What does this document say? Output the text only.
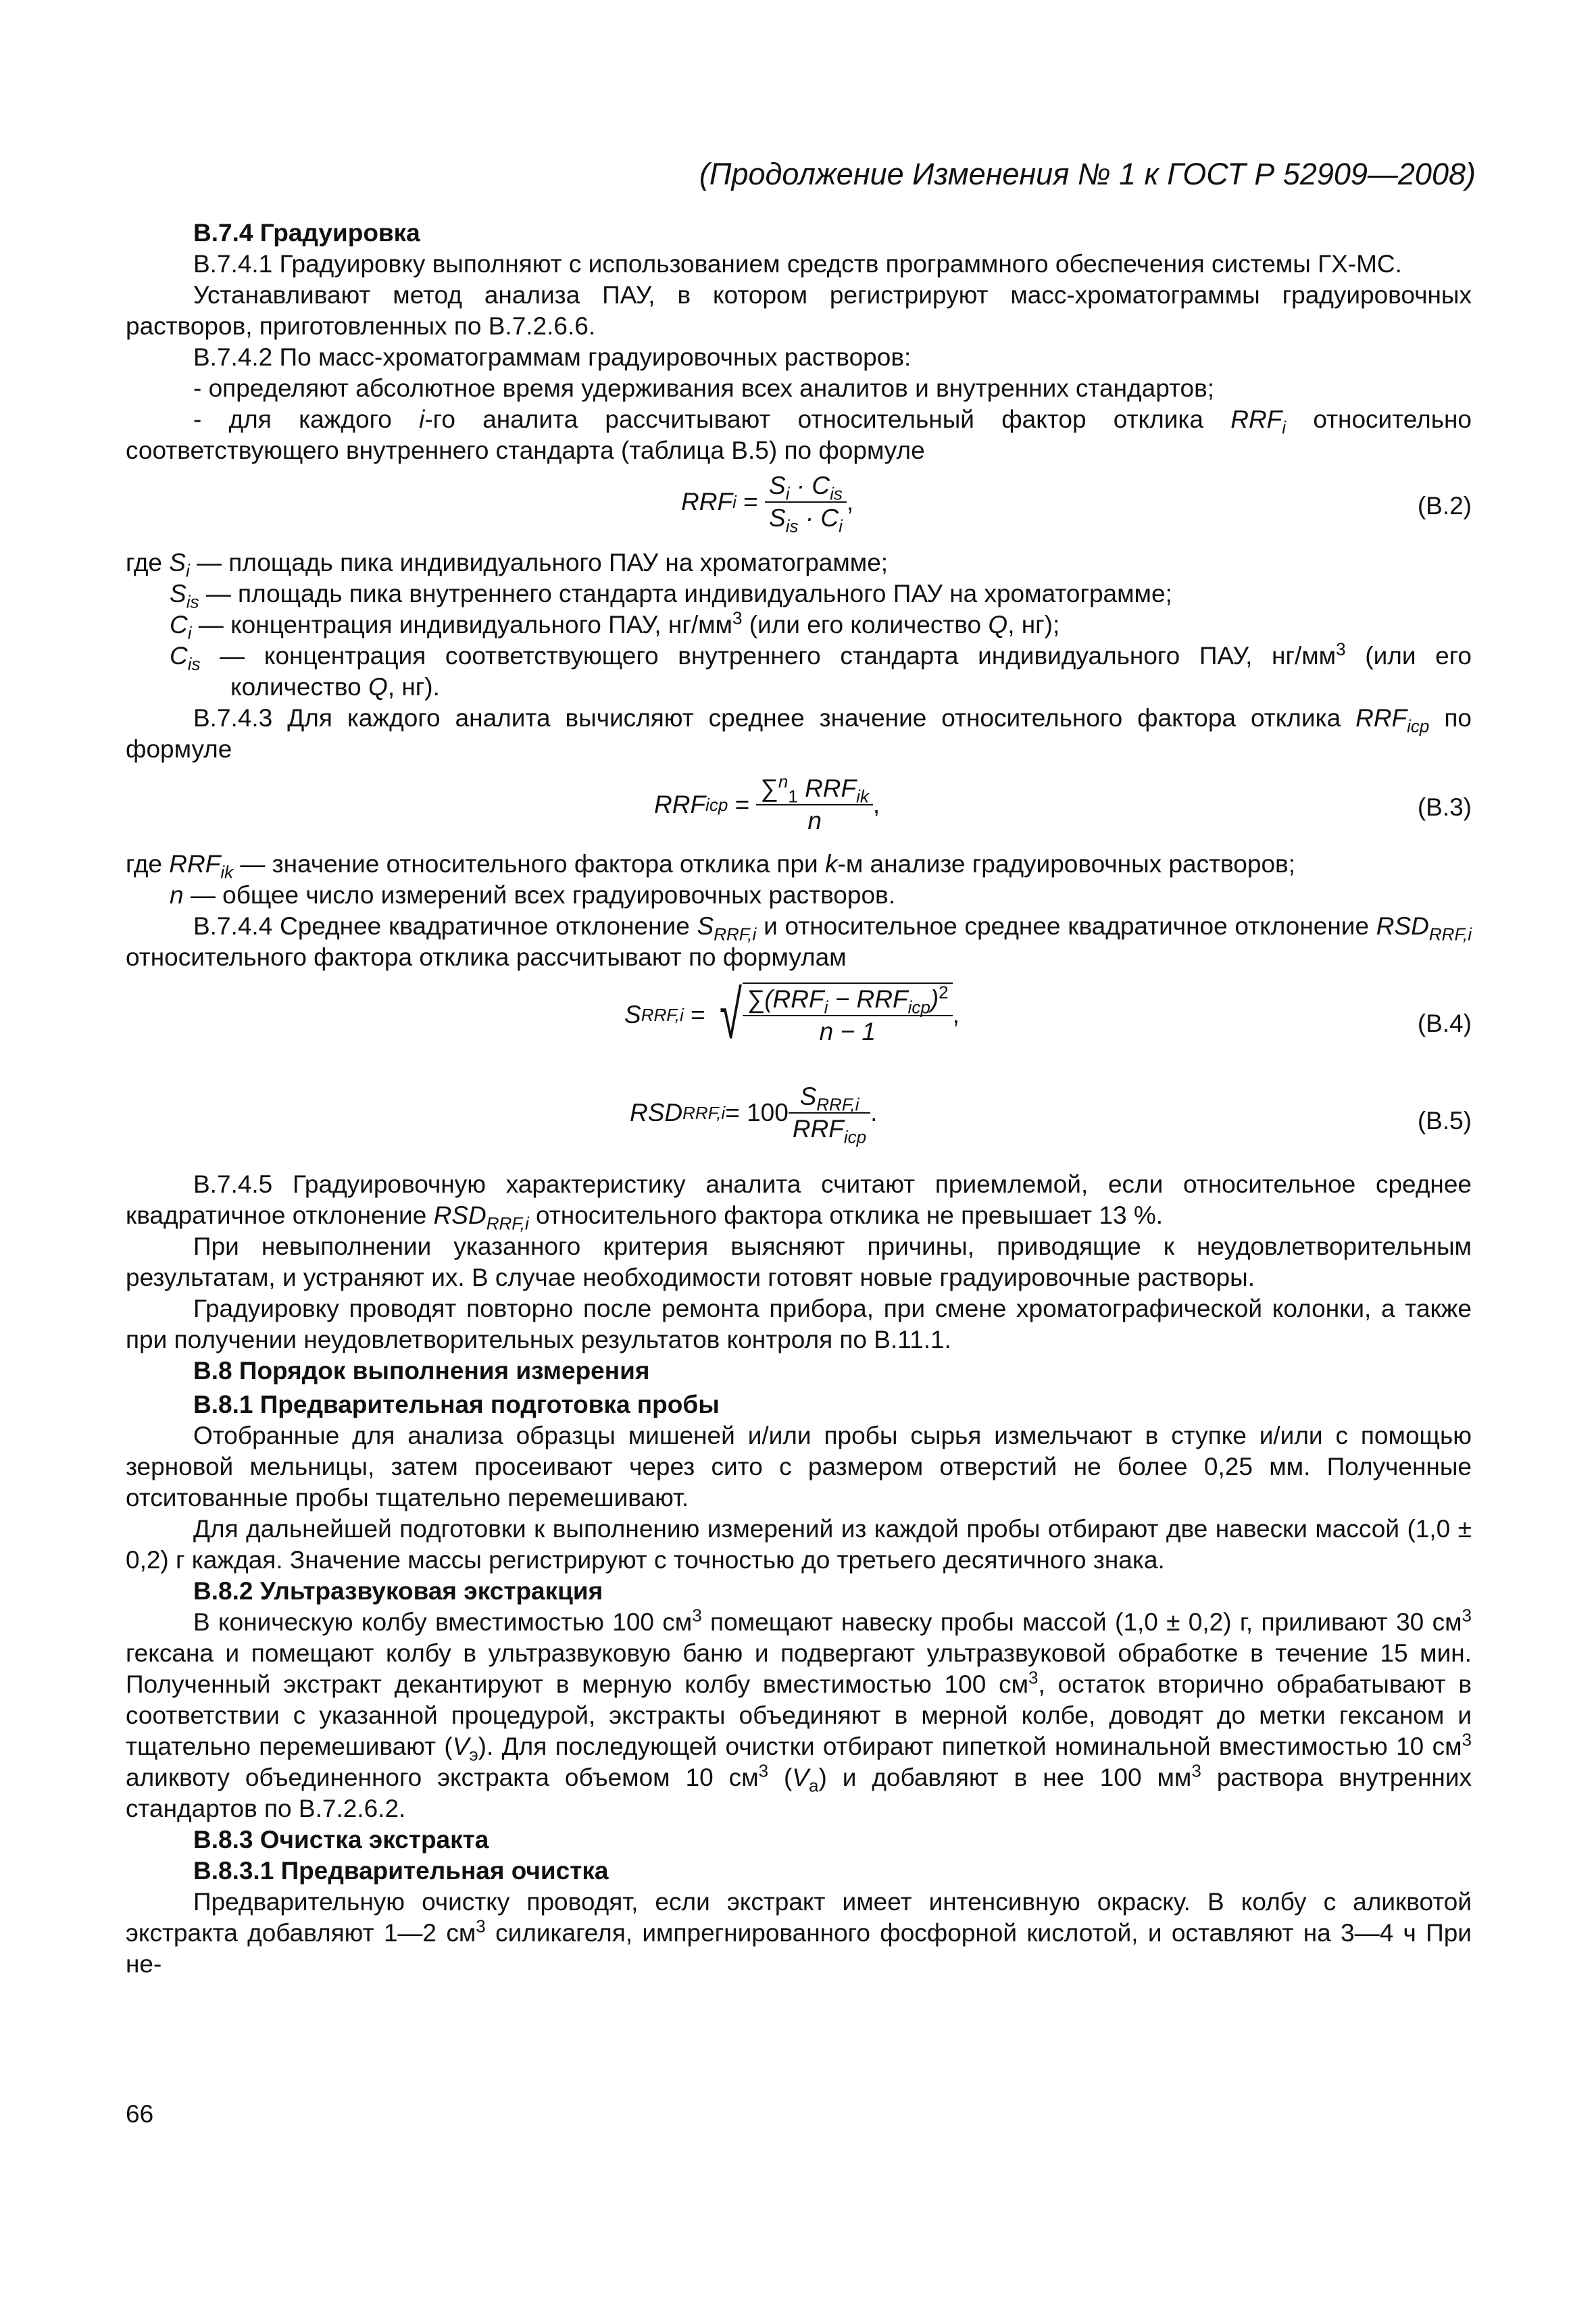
(Продолжение Изменения № 1 к ГОСТ Р 52909—2008)

В.7.4 Градуировка

В.7.4.1 Градуировку выполняют с использованием средств программного обеспечения системы ГХ-МС.

Устанавливают метод анализа ПАУ, в котором регистрируют масс-хроматограммы градуировочных растворов, приготовленных по В.7.2.6.6.

В.7.4.2 По масс-хроматограммам градуировочных растворов:

- определяют абсолютное время удерживания всех аналитов и внутренних стандартов;

- для каждого i-го аналита рассчитывают относительный фактор отклика $RRF_i$ относительно соответствующего внутреннего стандарта (таблица В.5) по формуле

RRF $i = \frac{S_i \cdot C_{is}}{S_{is} \cdot C_i}$ ,	(В.2)

где $S_i$ — площадь пика индивидуального ПАУ на хроматограмме;

$S_{is}$ — площадь пика внутреннего стандарта индивидуального ПАУ на хроматограмме;

$C_i$ — концентрация индивидуального ПАУ, $нг/мм^3$ (или его количество Q, нг);

$C_{is}$ — концентрация соответствующего внутреннего стандарта индивидуального ПАУ, $нг/мм^3$ (или его количество Q, нг).

В.7.4.3 Для каждого аналита вычисляют среднее значение относительного фактора отклика $RRF_{icp}$ по формуле

RRF icp = $\frac{\sum^n_1 RRF_{ik}}{n}$ ,	(В.3)

где $RRF_{ik}$ — значение относительного фактора отклика при k-м анализе градуировочных растворов;

n — общее число измерений всех градуировочных растворов.

В.7.4.4 Среднее квадратичное отклонение $S_{RRF,i}$ и относительное среднее квадратичное отклонение $RSD_{RRF,i}$ относительного фактора отклика рассчитывают по формулам

S RRF,i = √ $\frac{\sum(RRF_i - RRF_{icp})^2}{n - 1}$ ,	(В.4)
RSD $RRF,i = 100 \frac{S_{RRF,i}}{RRF_{icp}}$ .	(В.5)

В.7.4.5 Градуировочную характеристику аналита считают приемлемой, если относительное среднее квадратичное отклонение $RSD_{RRF,i}$ относительного фактора отклика не превышает 13 %.

При невыполнении указанного критерия выясняют причины, приводящие к неудовлетворительным результатам, и устраняют их. В случае необходимости готовят новые градуировочные растворы.

Градуировку проводят повторно после ремонта прибора, при смене хроматографической колонки, а также при получении неудовлетворительных результатов контроля по В.11.1.

В.8 Порядок выполнения измерения

В.8.1 Предварительная подготовка пробы

Отобранные для анализа образцы мишеней и/или пробы сырья измельчают в ступке и/или с помощью зерновой мельницы, затем просеивают через сито с размером отверстий не более 0,25 мм. Полученные отситованные пробы тщательно перемешивают.

Для дальнейшей подготовки к выполнению измерений из каждой пробы отбирают две навески массой (1,0 ± 0,2) г каждая. Значение массы регистрируют с точностью до третьего десятичного знака.

В.8.2 Ультразвуковая экстракция

В коническую колбу вместимостью 100 $см^3$ помещают навеску пробы массой (1,0 ± 0,2) г, приливают 30 $см^3$ гексана и помещают колбу в ультразвуковую баню и подвергают ультразвуковой обработке в течение 15 мин. Полученный экстракт декантируют в мерную колбу вместимостью 100 $см^3$, остаток вторично обрабатывают в соответствии с указанной процедурой, экстракты объединяют в мерной колбе, доводят до метки гексаном и тщательно перемешивают $(V_э)$. Для последующей очистки отбирают пипеткой номинальной вместимостью 10 $см^3$ аликвоту объединенного экстракта объемом 10 $см^3$ $(V_а)$ и добавляют в нее 100 $мм^3$ раствора внутренних стандартов по В.7.2.6.2.

В.8.3 Очистка экстракта

В.8.3.1 Предварительная очистка

Предварительную очистку проводят, если экстракт имеет интенсивную окраску. В колбу с аликвотой экстракта добавляют 1—2 $см^3$ силикагеля, импрегнированного фосфорной кислотой, и оставляют на 3—4 ч При не-

66
